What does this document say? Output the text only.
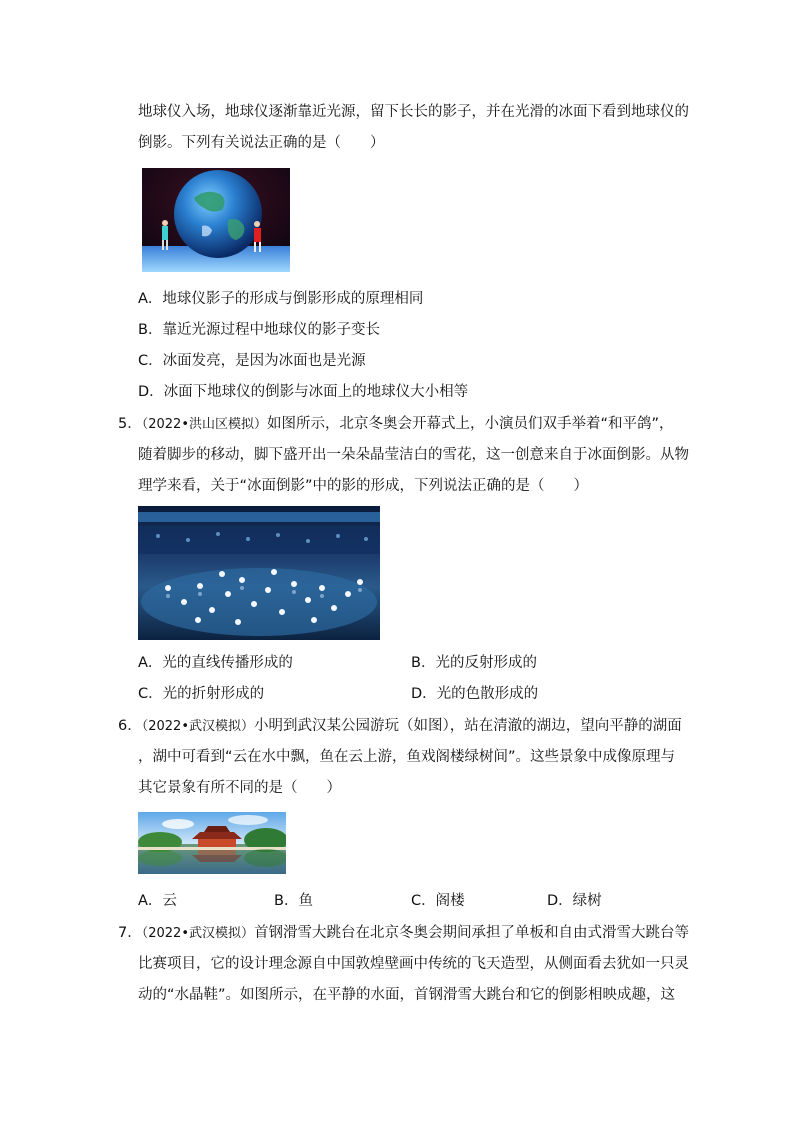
地球仪入场，地球仪逐渐靠近光源，留下长长的影子，并在光滑的冰面下看到地球仪的
倒影。下列有关说法正确的是（　　）
A．地球仪影子的形成与倒影形成的原理相同
B．靠近光源过程中地球仪的影子变长
C．冰面发亮，是因为冰面也是光源
D．冰面下地球仪的倒影与冰面上的地球仪大小相等
5．（2022•洪山区模拟）如图所示，北京冬奥会开幕式上，小演员们双手举着“和平鸽”，
随着脚步的移动，脚下盛开出一朵朵晶莹洁白的雪花，这一创意来自于冰面倒影。从物
理学来看，关于“冰面倒影”中的影的形成，下列说法正确的是（　　）
A．光的直线传播形成的	B．光的反射形成的
C．光的折射形成的	D．光的色散形成的
6．（2022•武汉模拟）小明到武汉某公园游玩（如图），站在清澈的湖边，望向平静的湖面
，湖中可看到“云在水中飘，鱼在云上游，鱼戏阁楼绿树间”。这些景象中成像原理与
其它景象有所不同的是（　　）
A．云	B．鱼	C．阁楼	D．绿树
7．（2022•武汉模拟）首钢滑雪大跳台在北京冬奥会期间承担了单板和自由式滑雪大跳台等
比赛项目，它的设计理念源自中国敦煌壁画中传统的飞天造型，从侧面看去犹如一只灵
动的“水晶鞋”。如图所示，在平静的水面，首钢滑雪大跳台和它的倒影相映成趣，这
